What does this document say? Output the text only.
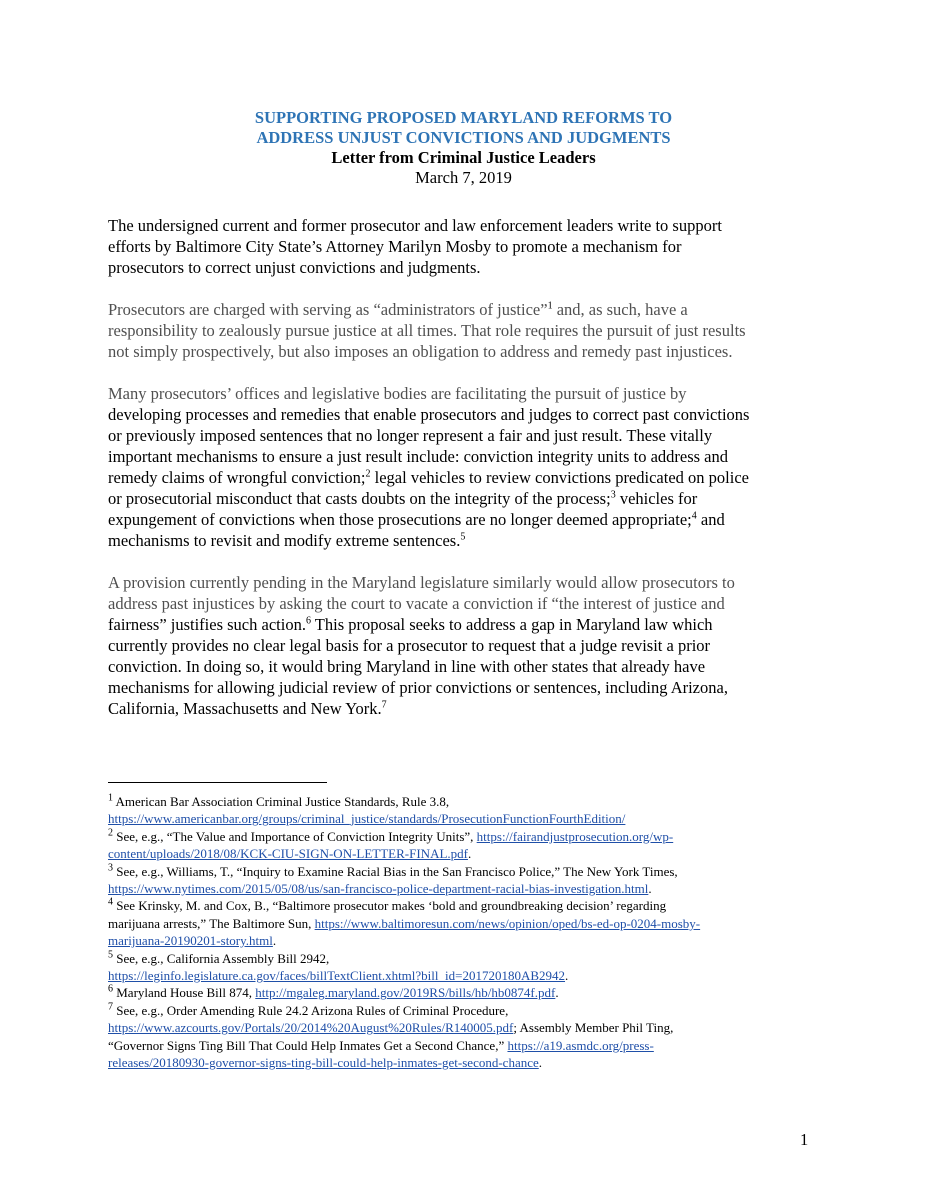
SUPPORTING PROPOSED MARYLAND REFORMS TO
ADDRESS UNJUST CONVICTIONS AND JUDGMENTS
Letter from Criminal Justice Leaders
March 7, 2019

The undersigned current and former prosecutor and law enforcement leaders write to support
efforts by Baltimore City State’s Attorney Marilyn Mosby to promote a mechanism for
prosecutors to correct unjust convictions and judgments.

Prosecutors are charged with serving as “administrators of justice”$^1$ and, as such, have a
responsibility to zealously pursue justice at all times. That role requires the pursuit of just results
not simply prospectively, but also imposes an obligation to address and remedy past injustices.

Many prosecutors’ offices and legislative bodies are facilitating the pursuit of justice by
developing processes and remedies that enable prosecutors and judges to correct past convictions
or previously imposed sentences that no longer represent a fair and just result. These vitally
important mechanisms to ensure a just result include: conviction integrity units to address and
remedy claims of wrongful conviction;$^2$ legal vehicles to review convictions predicated on police
or prosecutorial misconduct that casts doubts on the integrity of the process;$^3$ vehicles for
expungement of convictions when those prosecutions are no longer deemed appropriate;$^4$ and
mechanisms to revisit and modify extreme sentences.$^5$

A provision currently pending in the Maryland legislature similarly would allow prosecutors to
address past injustices by asking the court to vacate a conviction if “the interest of justice and
fairness” justifies such action.$^6$ This proposal seeks to address a gap in Maryland law which
currently provides no clear legal basis for a prosecutor to request that a judge revisit a prior
conviction. In doing so, it would bring Maryland in line with other states that already have
mechanisms for allowing judicial review of prior convictions or sentences, including Arizona,
California, Massachusetts and New York.$^7$

$^1$ American Bar Association Criminal Justice Standards, Rule 3.8,
https://www.americanbar.org/groups/criminal_justice/standards/ProsecutionFunctionFourthEdition/

$^2$ See, e.g., “The Value and Importance of Conviction Integrity Units”, https://fairandjustprosecution.org/wp-
content/uploads/2018/08/KCK-CIU-SIGN-ON-LETTER-FINAL.pdf.

$^3$ See, e.g., Williams, T., “Inquiry to Examine Racial Bias in the San Francisco Police,” The New York Times,
https://www.nytimes.com/2015/05/08/us/san-francisco-police-department-racial-bias-investigation.html.

$^4$ See Krinsky, M. and Cox, B., “Baltimore prosecutor makes ‘bold and groundbreaking decision’ regarding
marijuana arrests,” The Baltimore Sun, https://www.baltimoresun.com/news/opinion/oped/bs-ed-op-0204-mosby-
marijuana-20190201-story.html.

$^5$ See, e.g., California Assembly Bill 2942,
https://leginfo.legislature.ca.gov/faces/billTextClient.xhtml?bill_id=201720180AB2942.

$^6$ Maryland House Bill 874, http://mgaleg.maryland.gov/2019RS/bills/hb/hb0874f.pdf.

$^7$ See, e.g., Order Amending Rule 24.2 Arizona Rules of Criminal Procedure,
https://www.azcourts.gov/Portals/20/2014%20August%20Rules/R140005.pdf; Assembly Member Phil Ting,
“Governor Signs Ting Bill That Could Help Inmates Get a Second Chance,” https://a19.asmdc.org/press-
releases/20180930-governor-signs-ting-bill-could-help-inmates-get-second-chance.

1
